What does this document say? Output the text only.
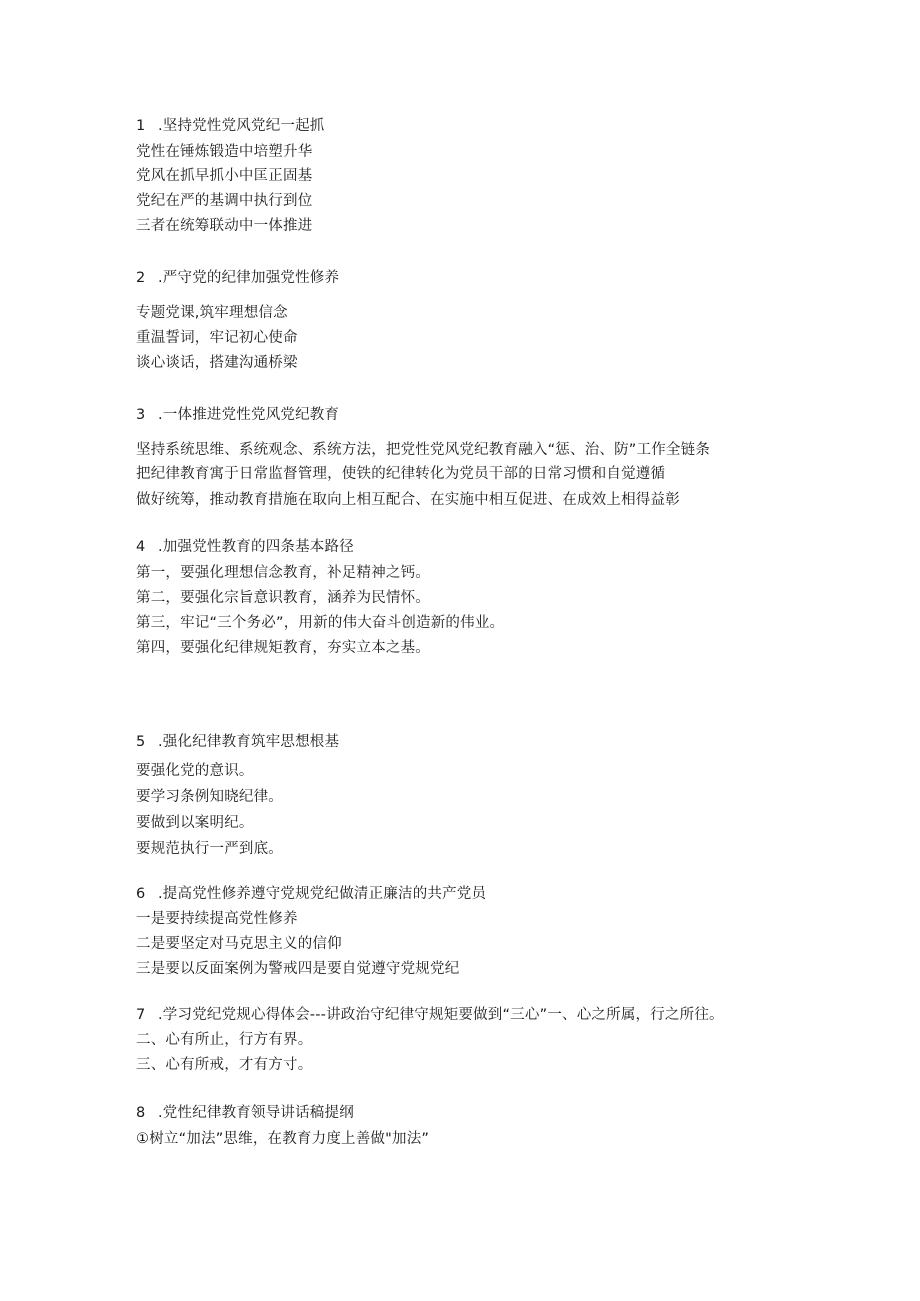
1 .坚持党性党风党纪一起抓
党性在锤炼锻造中培塑升华
党风在抓早抓小中匡正固基
党纪在严的基调中执行到位
三者在统筹联动中一体推进
2 .严守党的纪律加强党性修养
专题党课,筑牢理想信念
重温誓词，牢记初心使命
谈心谈话，搭建沟通桥梁
3 .一体推进党性党风党纪教育
坚持系统思维、系统观念、系统方法，把党性党风党纪教育融入“惩、治、防”工作全链条
把纪律教育寓于日常监督管理，使铁的纪律转化为党员干部的日常习惯和自觉遵循
做好统筹，推动教育措施在取向上相互配合、在实施中相互促进、在成效上相得益彰
4 .加强党性教育的四条基本路径
第一，要强化理想信念教育，补足精神之钙。
第二，要强化宗旨意识教育，涵养为民情怀。
第三，牢记“三个务必”，用新的伟大奋斗创造新的伟业。
第四，要强化纪律规矩教育，夯实立本之基。
5 .强化纪律教育筑牢思想根基
要强化党的意识。
要学习条例知晓纪律。
要做到以案明纪。
要规范执行一严到底。
6 .提高党性修养遵守党规党纪做清正廉洁的共产党员
一是要持续提高党性修养
二是要坚定对马克思主义的信仰
三是要以反面案例为警戒四是要自觉遵守党规党纪
7 .学习党纪党规心得体会---讲政治守纪律守规矩要做到“三心”一、心之所属，行之所往。
二、心有所止，行方有界。
三、心有所戒，才有方寸。
8 .党性纪律教育领导讲话稿提纲
①树立“加法”思维，在教育力度上善做"加法”
